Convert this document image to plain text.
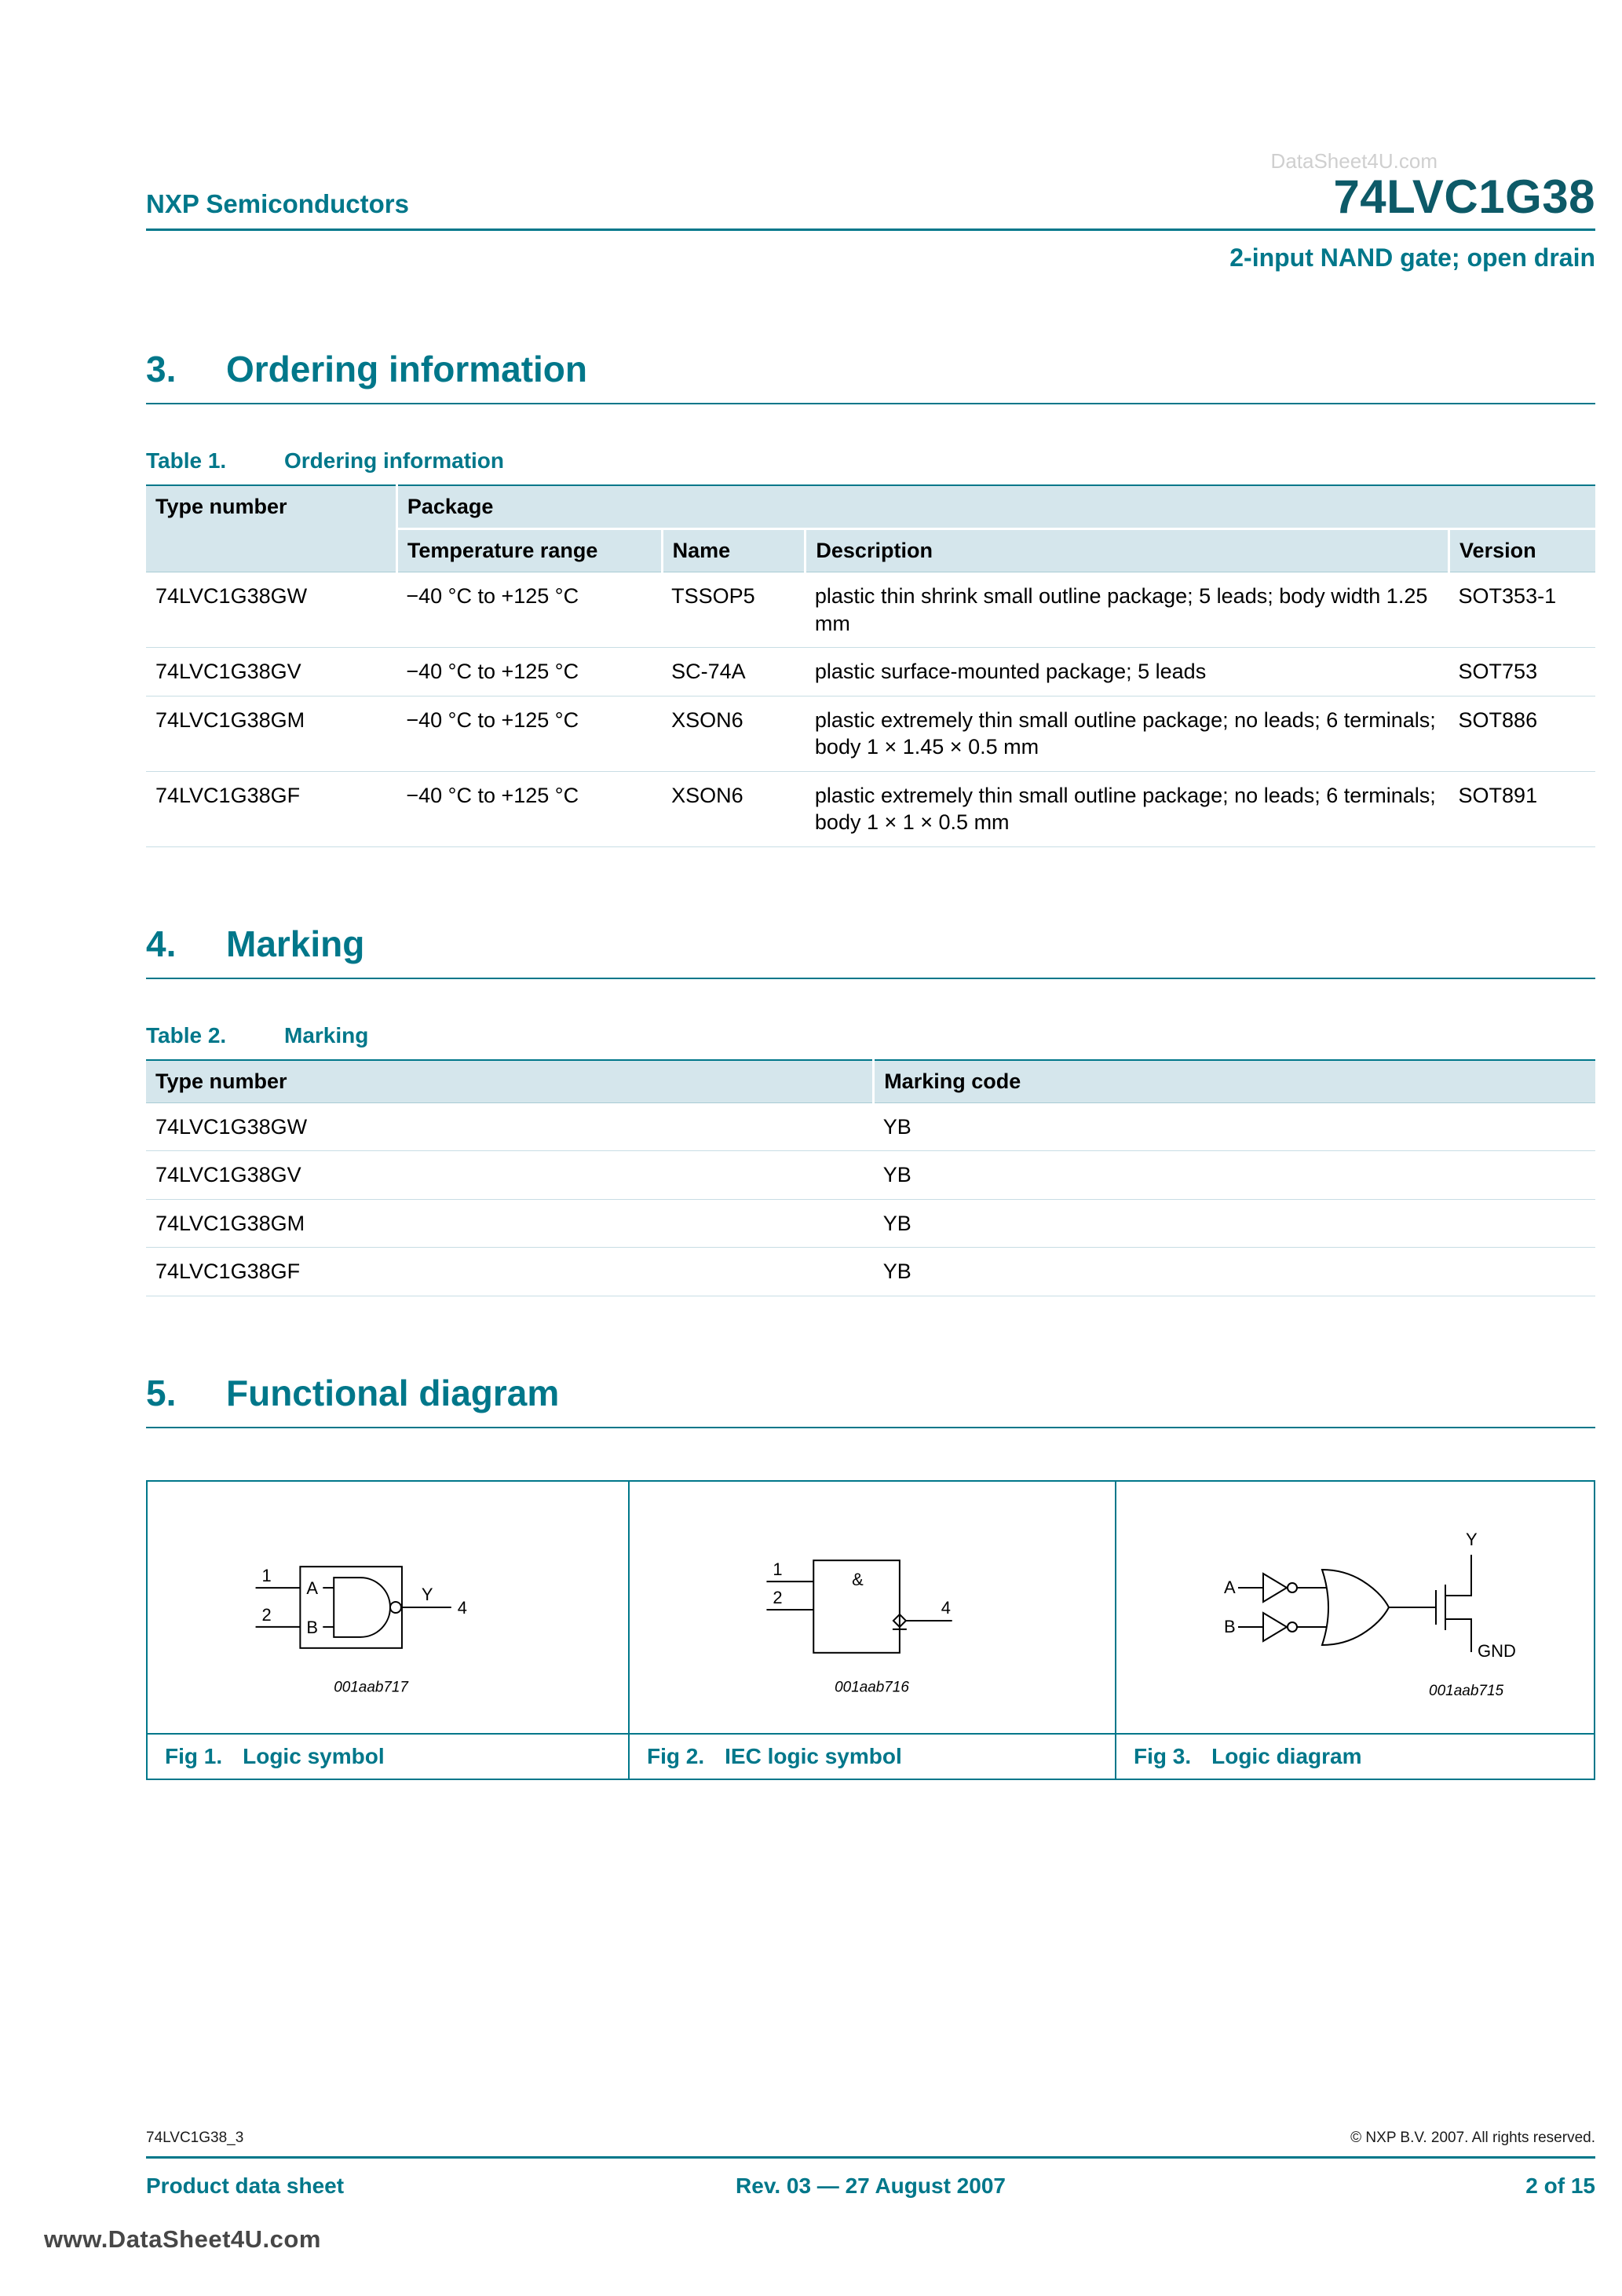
DataSheet4U.com
NXP Semiconductors	74LVC1G38
2-input NAND gate; open drain
3.	Ordering information
Table 1.	Ordering information
Type number	Package			
	Temperature range	Name	Description	Version
74LVC1G38GW	−40 °C to +125 °C	TSSOP5	plastic thin shrink small outline package; 5 leads; body width 1.25 mm	SOT353-1
74LVC1G38GV	−40 °C to +125 °C	SC-74A	plastic surface-mounted package; 5 leads	SOT753
74LVC1G38GM	−40 °C to +125 °C	XSON6	plastic extremely thin small outline package; no leads; 6 terminals; body 1 × 1.45 × 0.5 mm	SOT886
74LVC1G38GF	−40 °C to +125 °C	XSON6	plastic extremely thin small outline package; no leads; 6 terminals; body 1 × 1 × 0.5 mm	SOT891
4.	Marking
Table 2.	Marking
Type number	Marking code
74LVC1G38GW	YB
74LVC1G38GV	YB
74LVC1G38GM	YB
74LVC1G38GF	YB
5.	Functional diagram
1
2
A
B
Y
4
001aab717
&
1
2
4
001aab716
A
B
Y
GND
001aab715
Fig 1. Logic symbol	Fig 2. IEC logic symbol	Fig 3. Logic diagram
74LVC1G38_3	© NXP B.V. 2007. All rights reserved.
Product data sheet	Rev. 03 — 27 August 2007	2 of 15
www.DataSheet4U.com
